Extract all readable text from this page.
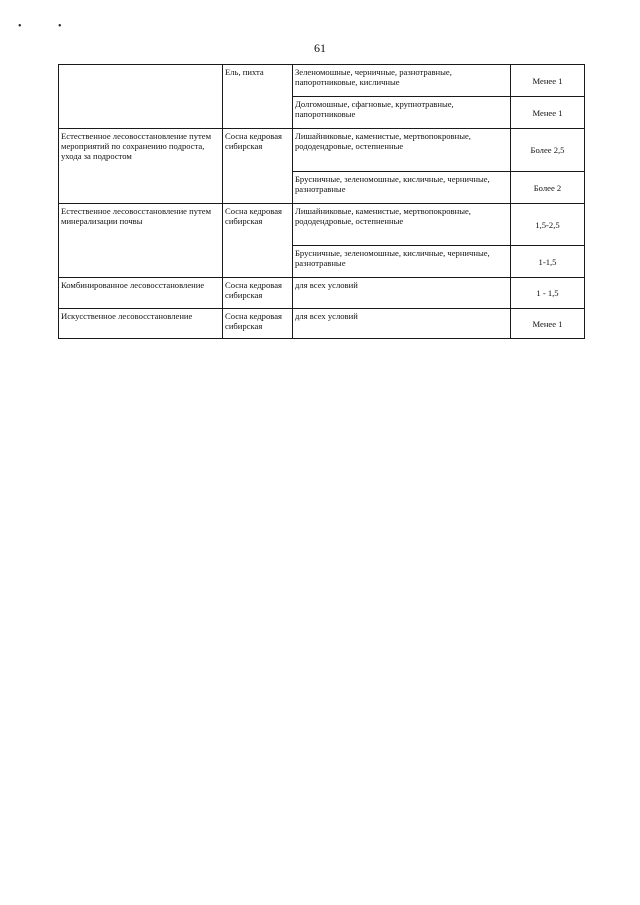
•	•
61
	Ель, пихта	Зеленомошные, черничные, разнотравные, папоротниковые, кисличные	Менее 1
		Долгомошные, сфагновые, крупнотравные, папоротниковые	Менее 1
Естественное лесовосстановление путем мероприятий по сохранению подроста, ухода за подростом	Сосна кедровая сибирская	Лишайниковые, каменистые, мертвопокровные, рододендровые, остепненные	Более 2,5
		Брусничные, зеленомошные, кисличные, черничные, разнотравные	Более 2
Естественное лесовосстановление путем минерализации почвы	Сосна кедровая сибирская	Лишайниковые, каменистые, мертвопокровные, рододендровые, остепненные	1,5-2,5
		Брусничные, зеленомошные, кисличные, черничные, разнотравные	1-1,5
Комбинированное лесовосстановление	Сосна кедровая сибирская	для всех условий	1 - 1,5
Искусственное лесовосстановление	Сосна кедровая сибирская	для всех условий	Менее 1
